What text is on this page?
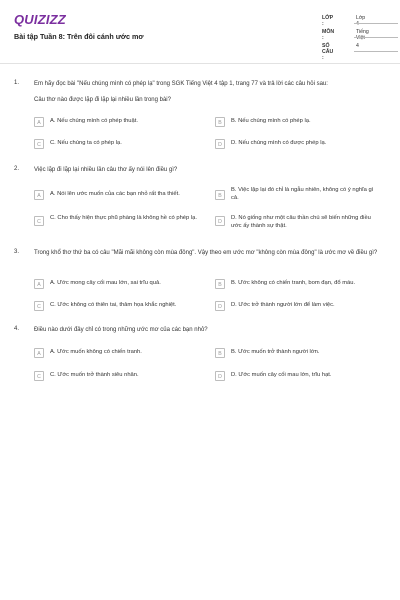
QUIZIZZ
Bài tập Tuần 8: Trên đôi cánh ước mơ
LỚP :
Lớp 4
MÔN :
Tiếng Việt
SỐ CÂU :
4
1. Em hãy đọc bài "Nếu chúng mình có phép lạ" trong SGK Tiếng Việt 4 tập 1, trang 77 và trả lời các câu hỏi sau:
Câu thơ nào được lặp đi lặp lại nhiều lần trong bài?
A	A. Nếu chúng mình có phép thuật.	B	B. Nếu chúng mình có phép lạ.
C	C. Nếu chúng ta có phép lạ.	D	D. Nếu chúng mình có được phép lạ.
2. Việc lặp đi lặp lại nhiều lần câu thơ ấy nói lên điều gì?
A	A. Nói lên ước muốn của các bạn nhỏ rất tha thiết.	B
B. Việc lặp lại đó chỉ là ngẫu nhiên, không có ý nghĩa gì cả.
C
C. Cho thấy hiện thực phũ phàng là không hề có phép lạ.
D
D. Nó giống như một câu thần chú sẽ biến những điều ước ấy thành sự thật.
3. Trong khổ thơ thứ ba có câu "Mãi mãi không còn mùa đông". Vậy theo em ước mơ "không còn mùa đông" là ước mơ về điều gì?
A	A. Ước mong cây cối mau lớn, sai trĩu quả.	B	B. Ước không có chiến tranh, bom đạn, đổ máu.
C	C. Ước không có thiên tai, thảm họa khắc nghiệt.	D	D. Ước trở thành người lớn để làm việc.
4. Điều nào dưới đây chỉ có trong những ước mơ của các bạn nhỏ?
A	A. Ước muốn không có chiến tranh.	B	B. Ước muốn trở thành người lớn.
C	C. Ước muốn trở thành siêu nhân.	D	D. Ước muốn cây cối mau lớn, trĩu hạt.
